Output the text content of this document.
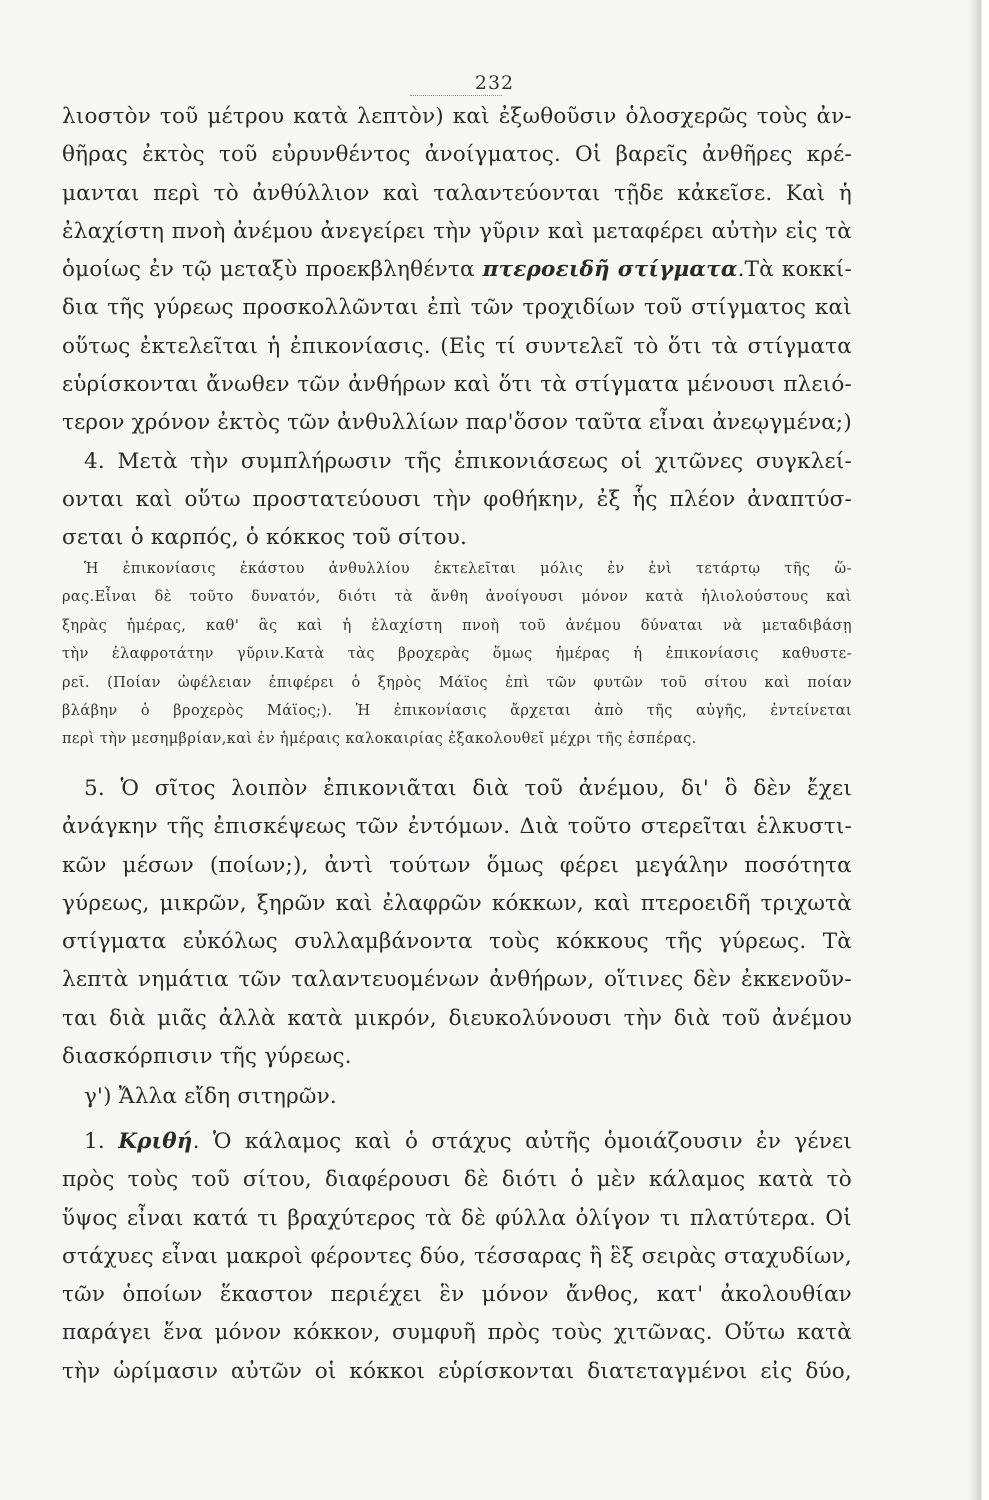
232
λιοστὸν τοῦ μέτρου κατὰ λεπτὸν) καὶ ἐξωθοῦσιν ὁλοσχερῶς τοὺς ἀν-
θῆρας ἐκτὸς τοῦ εὐρυνθέντος ἀνοίγματος. Οἱ βαρεῖς ἀνθῆρες κρέ-
μανται περὶ τὸ ἀνθύλλιον καὶ ταλαντεύονται τῇδε κἀκεῖσε. Καὶ ἡ
ἐλαχίστη πνοὴ ἀνέμου ἀνεγείρει τὴν γῦριν καὶ μεταφέρει αὐτὴν εἰς τὰ
ὁμοίως ἐν τῷ μεταξὺ προεκβληθέντα πτεροειδῆ στίγματα.Τὰ κοκκί-
δια τῆς γύρεως προσκολλῶνται ἐπὶ τῶν τροχιδίων τοῦ στίγματος καὶ
οὕτως ἐκτελεῖται ἡ ἐπικονίασις. (Εἰς τί συντελεῖ τὸ ὅτι τὰ στίγματα
εὑρίσκονται ἄνωθεν τῶν ἀνθήρων καὶ ὅτι τὰ στίγματα μένουσι πλειό-
τερον χρόνον ἐκτὸς τῶν ἀνθυλλίων παρ'ὅσον ταῦτα εἶναι ἀνεῳγμένα;)
4. Μετὰ τὴν συμπλήρωσιν τῆς ἐπικονιάσεως οἱ χιτῶνες συγκλεί-
ονται καὶ οὕτω προστατεύουσι τὴν φοθήκην, ἐξ ἧς πλέον ἀναπτύσ-
σεται ὁ καρπός, ὁ κόκκος τοῦ σίτου.
Ἡ ἐπικονίασις ἑκάστου ἀνθυλλίου ἐκτελεῖται μόλις ἐν ἑνὶ τετάρτῳ τῆς ὥ-
ρας.Εἶναι δὲ τοῦτο δυνατόν, διότι τὰ ἄνθη ἀνοίγουσι μόνον κατὰ ἡλιολούστους καὶ
ξηρὰς ἡμέρας, καθ' ἃς καὶ ἡ ἐλαχίστη πνοὴ τοῦ ἀνέμου δύναται νὰ μεταδιβάσῃ
τὴν ἐλαφροτάτην γῦριν.Κατὰ τὰς βροχερὰς ὅμως ἡμέρας ἡ ἐπικονίασις καθυστε-
ρεῖ. (Ποίαν ὠφέλειαν ἐπιφέρει ὁ ξηρὸς Μάϊος ἐπὶ τῶν φυτῶν τοῦ σίτου καὶ ποίαν
βλάβην ὁ βροχερὸς Μάϊος;). Ἡ ἐπικονίασις ἄρχεται ἀπὸ τῆς αὐγῆς, ἐντείνεται
περὶ τὴν μεσημβρίαν,καὶ ἐν ἡμέραις καλοκαιρίας ἐξακολουθεῖ μέχρι τῆς ἑσπέρας.
5. Ὁ σῖτος λοιπὸν ἐπικονιᾶται διὰ τοῦ ἀνέμου, δι' ὃ δὲν ἔχει
ἀνάγκην τῆς ἐπισκέψεως τῶν ἐντόμων. Διὰ τοῦτο στερεῖται ἑλκυστι-
κῶν μέσων (ποίων;), ἀντὶ τούτων ὅμως φέρει μεγάλην ποσότητα
γύρεως, μικρῶν, ξηρῶν καὶ ἐλαφρῶν κόκκων, καὶ πτεροειδῆ τριχωτὰ
στίγματα εὐκόλως συλλαμβάνοντα τοὺς κόκκους τῆς γύρεως. Τὰ
λεπτὰ νημάτια τῶν ταλαντευομένων ἀνθήρων, οἵτινες δὲν ἐκκενοῦν-
ται διὰ μιᾶς ἀλλὰ κατὰ μικρόν, διευκολύνουσι τὴν διὰ τοῦ ἀνέμου
διασκόρπισιν τῆς γύρεως.
γ') Ἄλλα εἴδη σιτηρῶν.
1. Κριθή. Ὁ κάλαμος καὶ ὁ στάχυς αὐτῆς ὁμοιάζουσιν ἐν γένει
πρὸς τοὺς τοῦ σίτου, διαφέρουσι δὲ διότι ὁ μὲν κάλαμος κατὰ τὸ
ὕψος εἶναι κατά τι βραχύτερος τὰ δὲ φύλλα ὀλίγον τι πλατύτερα. Οἱ
στάχυες εἶναι μακροὶ φέροντες δύο, τέσσαρας ἢ ἓξ σειρὰς σταχυδίων,
τῶν ὁποίων ἕκαστον περιέχει ἓν μόνον ἄνθος, κατ' ἀκολουθίαν
παράγει ἕνα μόνον κόκκον, συμφυῆ πρὸς τοὺς χιτῶνας. Οὕτω κατὰ
τὴν ὡρίμασιν αὐτῶν οἱ κόκκοι εὑρίσκονται διατεταγμένοι εἰς δύο,
